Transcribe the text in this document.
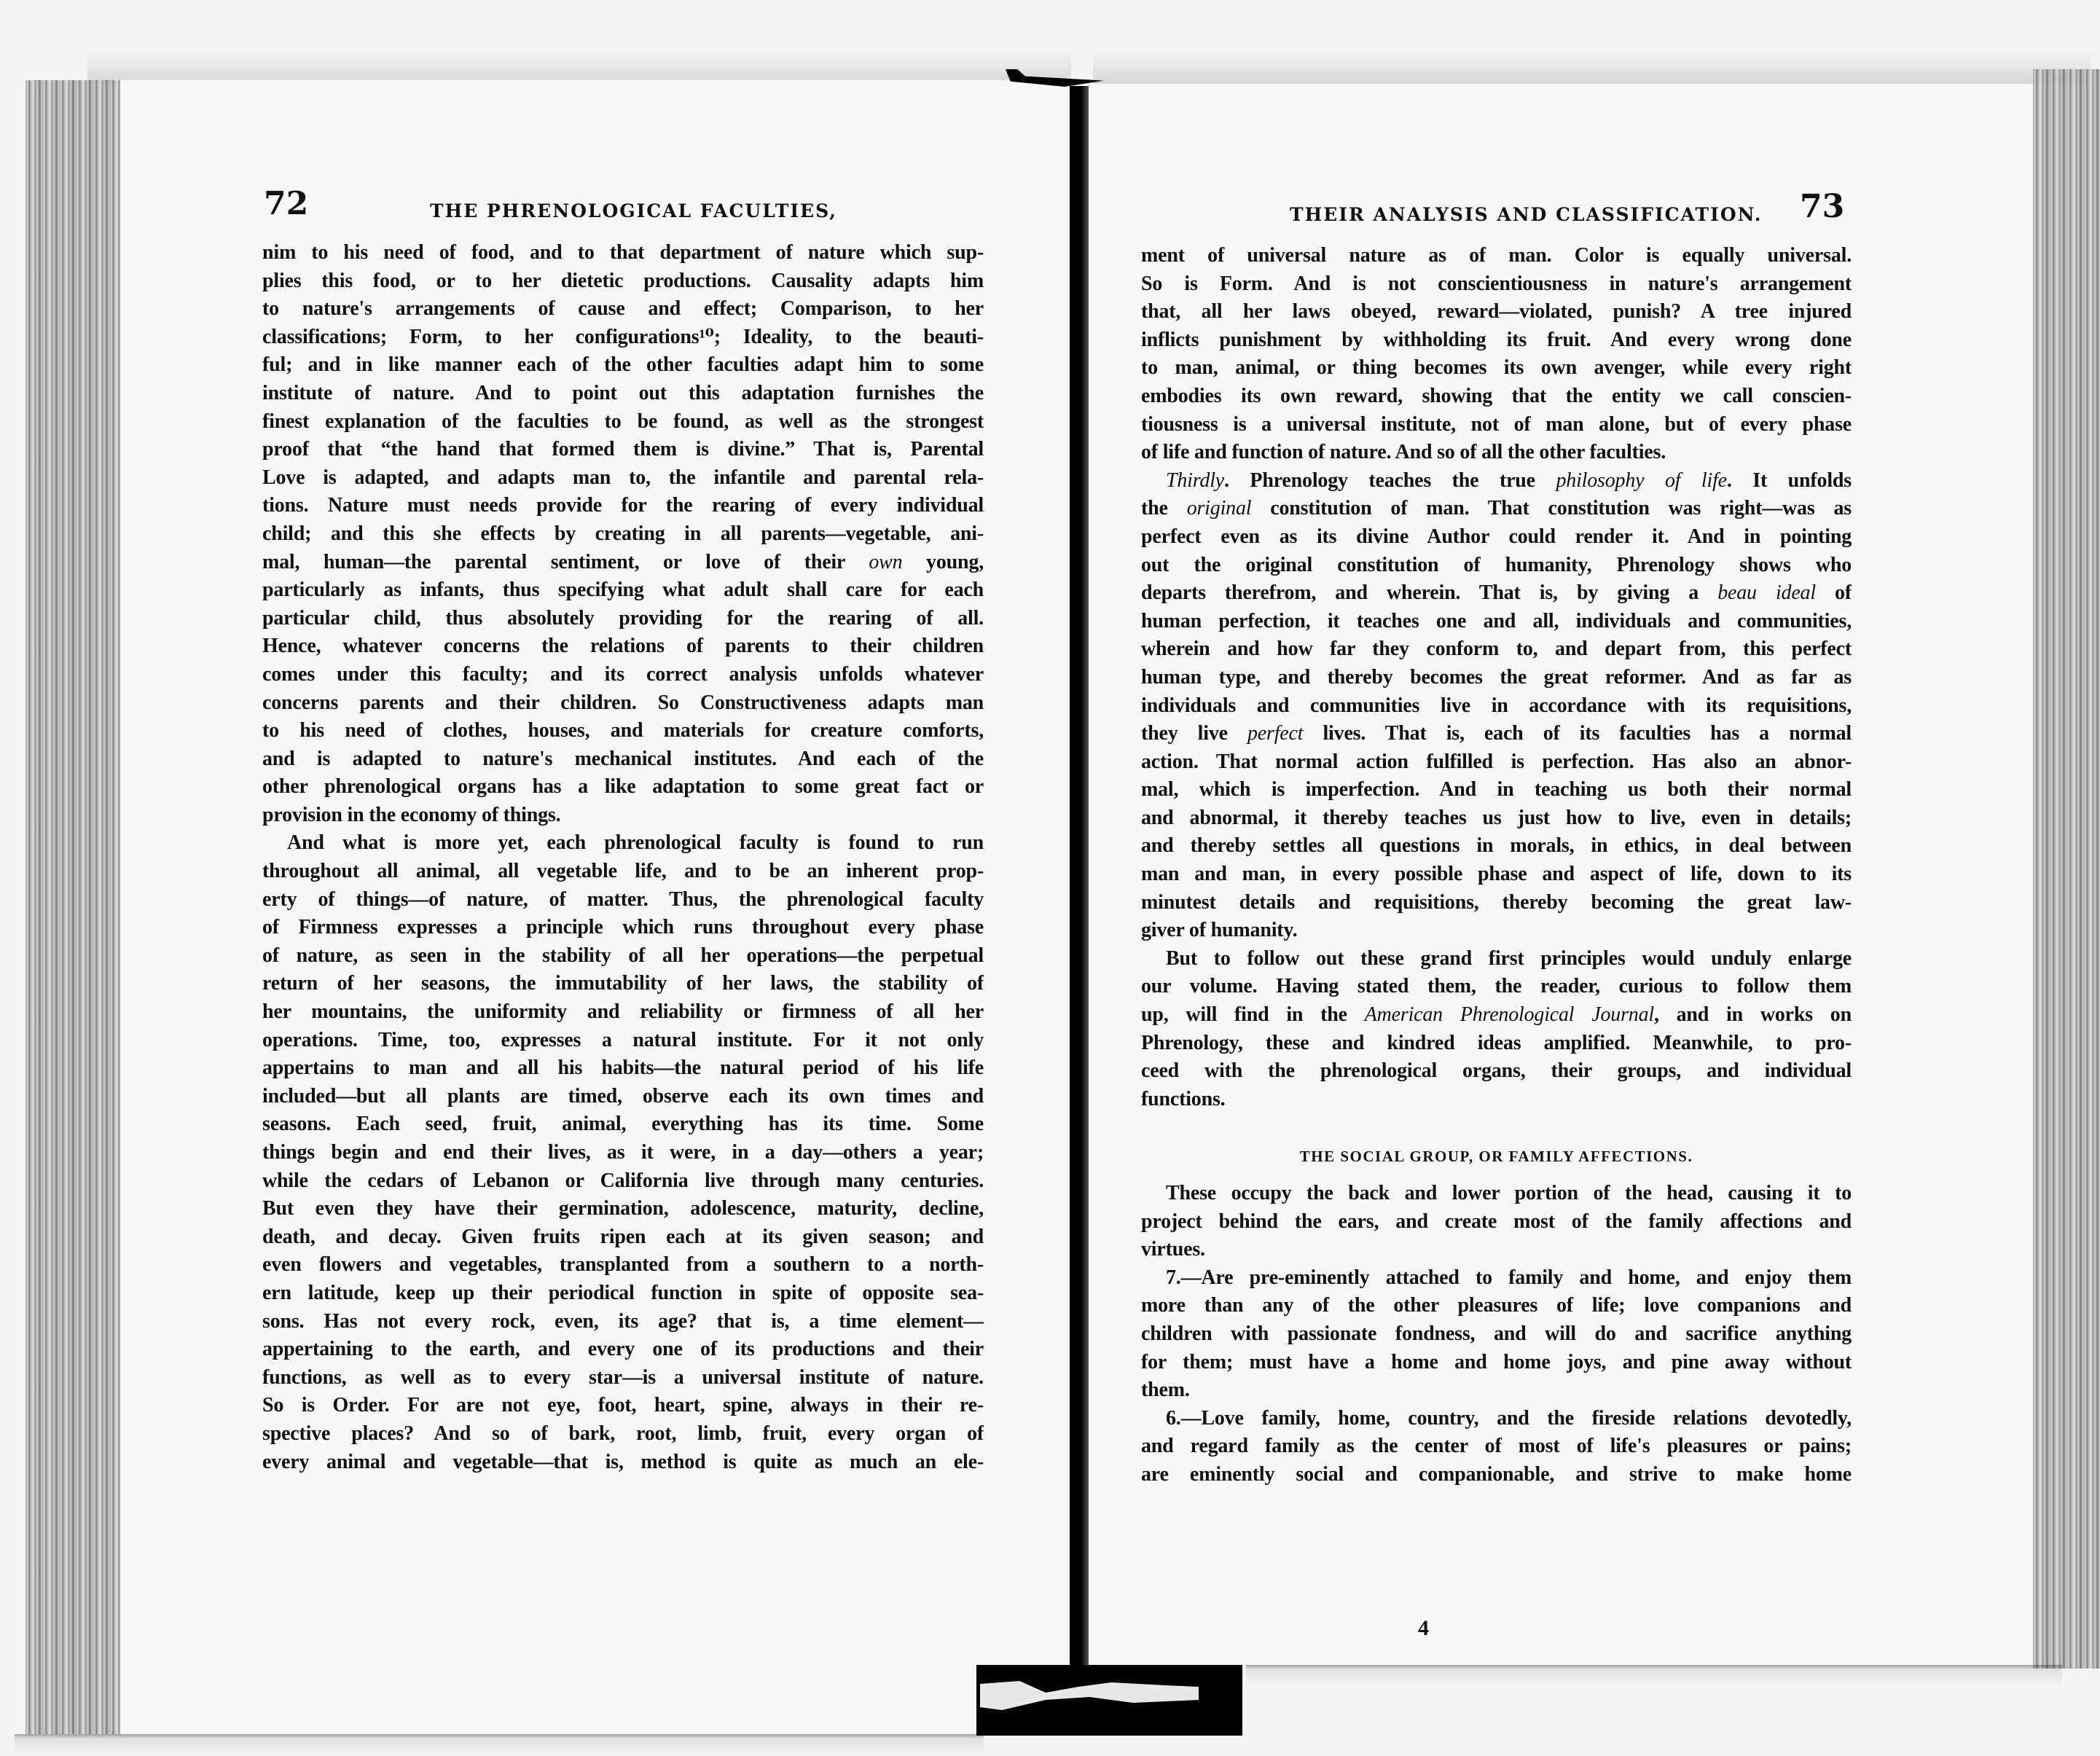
72	THE PHRENOLOGICAL FACULTIES,	THEIR ANALYSIS AND CLASSIFICATION. 73
nim to his need of food, and to that department of nature which sup-
plies this food, or to her dietetic productions. Causality adapts him
to nature's arrangements of cause and effect; Comparison, to her
classifications; Form, to her configurations¹⁰; Ideality, to the beauti-
ful; and in like manner each of the other faculties adapt him to some
institute of nature. And to point out this adaptation furnishes the
finest explanation of the faculties to be found, as well as the strongest
proof that “the hand that formed them is divine.” That is, Parental
Love is adapted, and adapts man to, the infantile and parental rela-
tions. Nature must needs provide for the rearing of every individual
child; and this she effects by creating in all parents—vegetable, ani-
mal, human—the parental sentiment, or love of their own young,
particularly as infants, thus specifying what adult shall care for each
particular child, thus absolutely providing for the rearing of all.
Hence, whatever concerns the relations of parents to their children
comes under this faculty; and its correct analysis unfolds whatever
concerns parents and their children. So Constructiveness adapts man
to his need of clothes, houses, and materials for creature comforts,
and is adapted to nature's mechanical institutes. And each of the
other phrenological organs has a like adaptation to some great fact or
provision in the economy of things.
And what is more yet, each phrenological faculty is found to run
throughout all animal, all vegetable life, and to be an inherent prop-
erty of things—of nature, of matter. Thus, the phrenological faculty
of Firmness expresses a principle which runs throughout every phase
of nature, as seen in the stability of all her operations—the perpetual
return of her seasons, the immutability of her laws, the stability of
her mountains, the uniformity and reliability or firmness of all her
operations. Time, too, expresses a natural institute. For it not only
appertains to man and all his habits—the natural period of his life
included—but all plants are timed, observe each its own times and
seasons. Each seed, fruit, animal, everything has its time. Some
things begin and end their lives, as it were, in a day—others a year;
while the cedars of Lebanon or California live through many centuries.
But even they have their germination, adolescence, maturity, decline,
death, and decay. Given fruits ripen each at its given season; and
even flowers and vegetables, transplanted from a southern to a north-
ern latitude, keep up their periodical function in spite of opposite sea-
sons. Has not every rock, even, its age? that is, a time element—
appertaining to the earth, and every one of its productions and their
functions, as well as to every star—is a universal institute of nature.
So is Order. For are not eye, foot, heart, spine, always in their re-
spective places? And so of bark, root, limb, fruit, every organ of
every animal and vegetable—that is, method is quite as much an ele-
ment of universal nature as of man. Color is equally universal.
So is Form. And is not conscientiousness in nature's arrangement
that, all her laws obeyed, reward—violated, punish? A tree injured
inflicts punishment by withholding its fruit. And every wrong done
to man, animal, or thing becomes its own avenger, while every right
embodies its own reward, showing that the entity we call conscien-
tiousness is a universal institute, not of man alone, but of every phase
of life and function of nature. And so of all the other faculties.
Thirdly. Phrenology teaches the true philosophy of life. It unfolds
the original constitution of man. That constitution was right—was as
perfect even as its divine Author could render it. And in pointing
out the original constitution of humanity, Phrenology shows who
departs therefrom, and wherein. That is, by giving a beau ideal of
human perfection, it teaches one and all, individuals and communities,
wherein and how far they conform to, and depart from, this perfect
human type, and thereby becomes the great reformer. And as far as
individuals and communities live in accordance with its requisitions,
they live perfect lives. That is, each of its faculties has a normal
action. That normal action fulfilled is perfection. Has also an abnor-
mal, which is imperfection. And in teaching us both their normal
and abnormal, it thereby teaches us just how to live, even in details;
and thereby settles all questions in morals, in ethics, in deal between
man and man, in every possible phase and aspect of life, down to its
minutest details and requisitions, thereby becoming the great law-
giver of humanity.
But to follow out these grand first principles would unduly enlarge
our volume. Having stated them, the reader, curious to follow them
up, will find in the American Phrenological Journal, and in works on
Phrenology, these and kindred ideas amplified. Meanwhile, to pro-
ceed with the phrenological organs, their groups, and individual
functions.
THE SOCIAL GROUP, OR FAMILY AFFECTIONS.
These occupy the back and lower portion of the head, causing it to
project behind the ears, and create most of the family affections and
virtues.
7.—Are pre-eminently attached to family and home, and enjoy them
more than any of the other pleasures of life; love companions and
children with passionate fondness, and will do and sacrifice anything
for them; must have a home and home joys, and pine away without
them.
6.—Love family, home, country, and the fireside relations devotedly,
and regard family as the center of most of life's pleasures or pains;
are eminently social and companionable, and strive to make home
4
